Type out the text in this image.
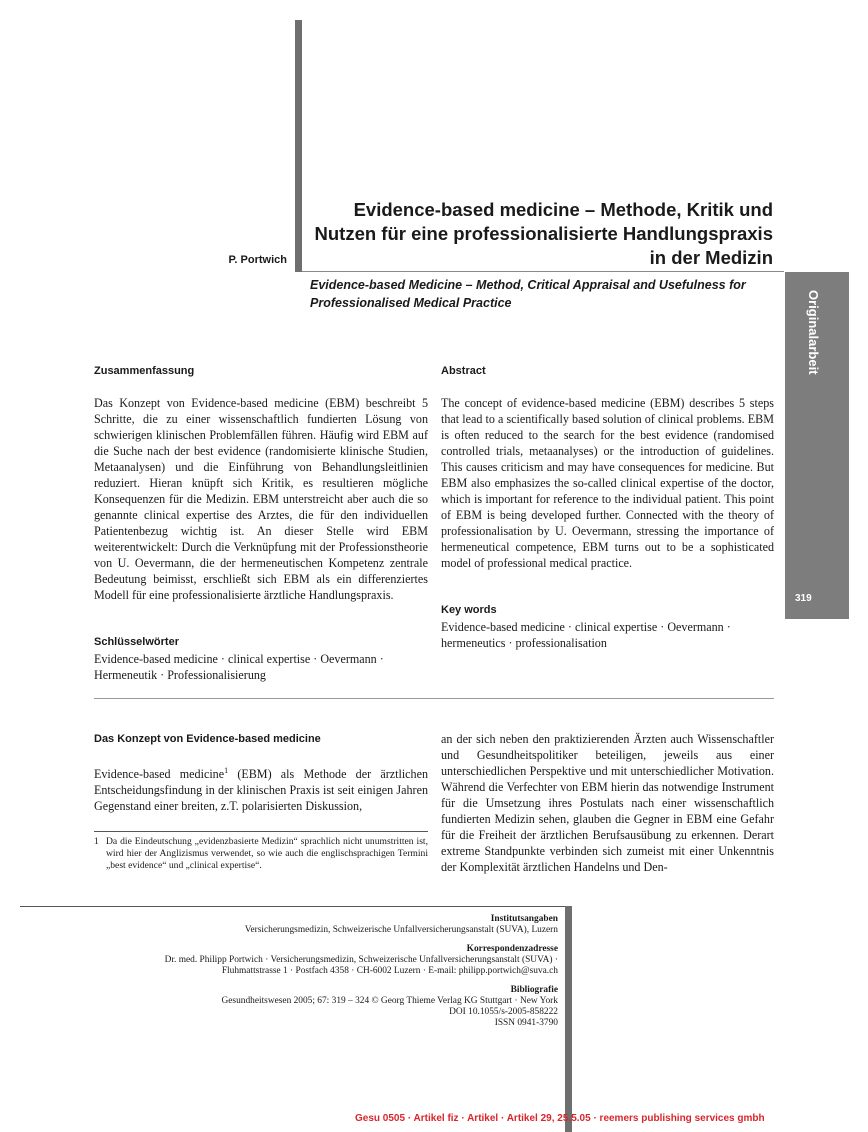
Originalarbeit
319
Evidence-based medicine – Methode, Kritik und Nutzen für eine professionalisierte Handlungspraxis in der Medizin
P. Portwich
Evidence-based Medicine – Method, Critical Appraisal and Usefulness for Professionalised Medical Practice
Zusammenfassung

Das Konzept von Evidence-based medicine (EBM) beschreibt 5 Schritte, die zu einer wissenschaftlich fundierten Lösung von schwierigen klinischen Problemfällen führen. Häufig wird EBM auf die Suche nach der best evidence (randomisierte klinische Studien, Metaanalysen) und die Einführung von Behandlungsleitlinien reduziert. Hieran knüpft sich Kritik, es resultieren mögliche Konsequenzen für die Medizin. EBM unterstreicht aber auch die so genannte clinical expertise des Arztes, die für den individuellen Patientenbezug wichtig ist. An dieser Stelle wird EBM weiterentwickelt: Durch die Verknüpfung mit der Professionstheorie von U. Oevermann, die der hermeneutischen Kompetenz zentrale Bedeutung beimisst, erschließt sich EBM als ein differenziertes Modell für eine professionalisierte ärztliche Handlungspraxis.

Schlüsselwörter

Evidence-based medicine · clinical expertise · Oevermann · Hermeneutik · Professionalisierung

Abstract

The concept of evidence-based medicine (EBM) describes 5 steps that lead to a scientifically based solution of clinical problems. EBM is often reduced to the search for the best evidence (randomised controlled trials, metaanalyses) or the introduction of guidelines. This causes criticism and may have consequences for medicine. But EBM also emphasizes the so-called clinical expertise of the doctor, which is important for reference to the individual patient. This point of EBM is being developed further. Connected with the theory of professionalisation by U. Oevermann, stressing the importance of hermeneutical competence, EBM turns out to be a sophisticated model of professional medical practice.

Key words

Evidence-based medicine · clinical expertise · Oevermann · hermeneutics · professionalisation

Das Konzept von Evidence-based medicine

Evidence-based medicine$^1$ (EBM) als Methode der ärztlichen Entscheidungsfindung in der klinischen Praxis ist seit einigen Jahren Gegenstand einer breiten, z.T. polarisierten Diskussion,

an der sich neben den praktizierenden Ärzten auch Wissenschaftler und Gesundheitspolitiker beteiligen, jeweils aus einer unterschiedlichen Perspektive und mit unterschiedlicher Motivation. Während die Verfechter von EBM hierin das notwendige Instrument für die Umsetzung ihres Postulats nach einer wissenschaftlich fundierten Medizin sehen, glauben die Gegner in EBM eine Gefahr für die Freiheit der ärztlichen Berufsausübung zu erkennen. Derart extreme Standpunkte verbinden sich zumeist mit einer Unkenntnis der Komplexität ärztlichen Handelns und Den-

1 Da die Eindeutschung „evidenzbasierte Medizin“ sprachlich nicht unumstritten ist, wird hier der Anglizismus verwendet, so wie auch die englischsprachigen Termini „best evidence“ und „clinical expertise“.
Institutsangaben
Versicherungsmedizin, Schweizerische Unfallversicherungsanstalt (SUVA), Luzern
Korrespondenzadresse
Dr. med. Philipp Portwich · Versicherungsmedizin, Schweizerische Unfallversicherungsanstalt (SUVA) ·
Fluhmattstrasse 1 · Postfach 4358 · CH-6002 Luzern · E-mail: philipp.portwich@suva.ch
Bibliografie
Gesundheitswesen 2005; 67: 319 – 324 © Georg Thieme Verlag KG Stuttgart · New York
DOI 10.1055/s-2005-858222
ISSN 0941-3790
Gesu 0505 · Artikel fiz · Artikel · Artikel 29, 25.5.05 · reemers publishing services gmbh
